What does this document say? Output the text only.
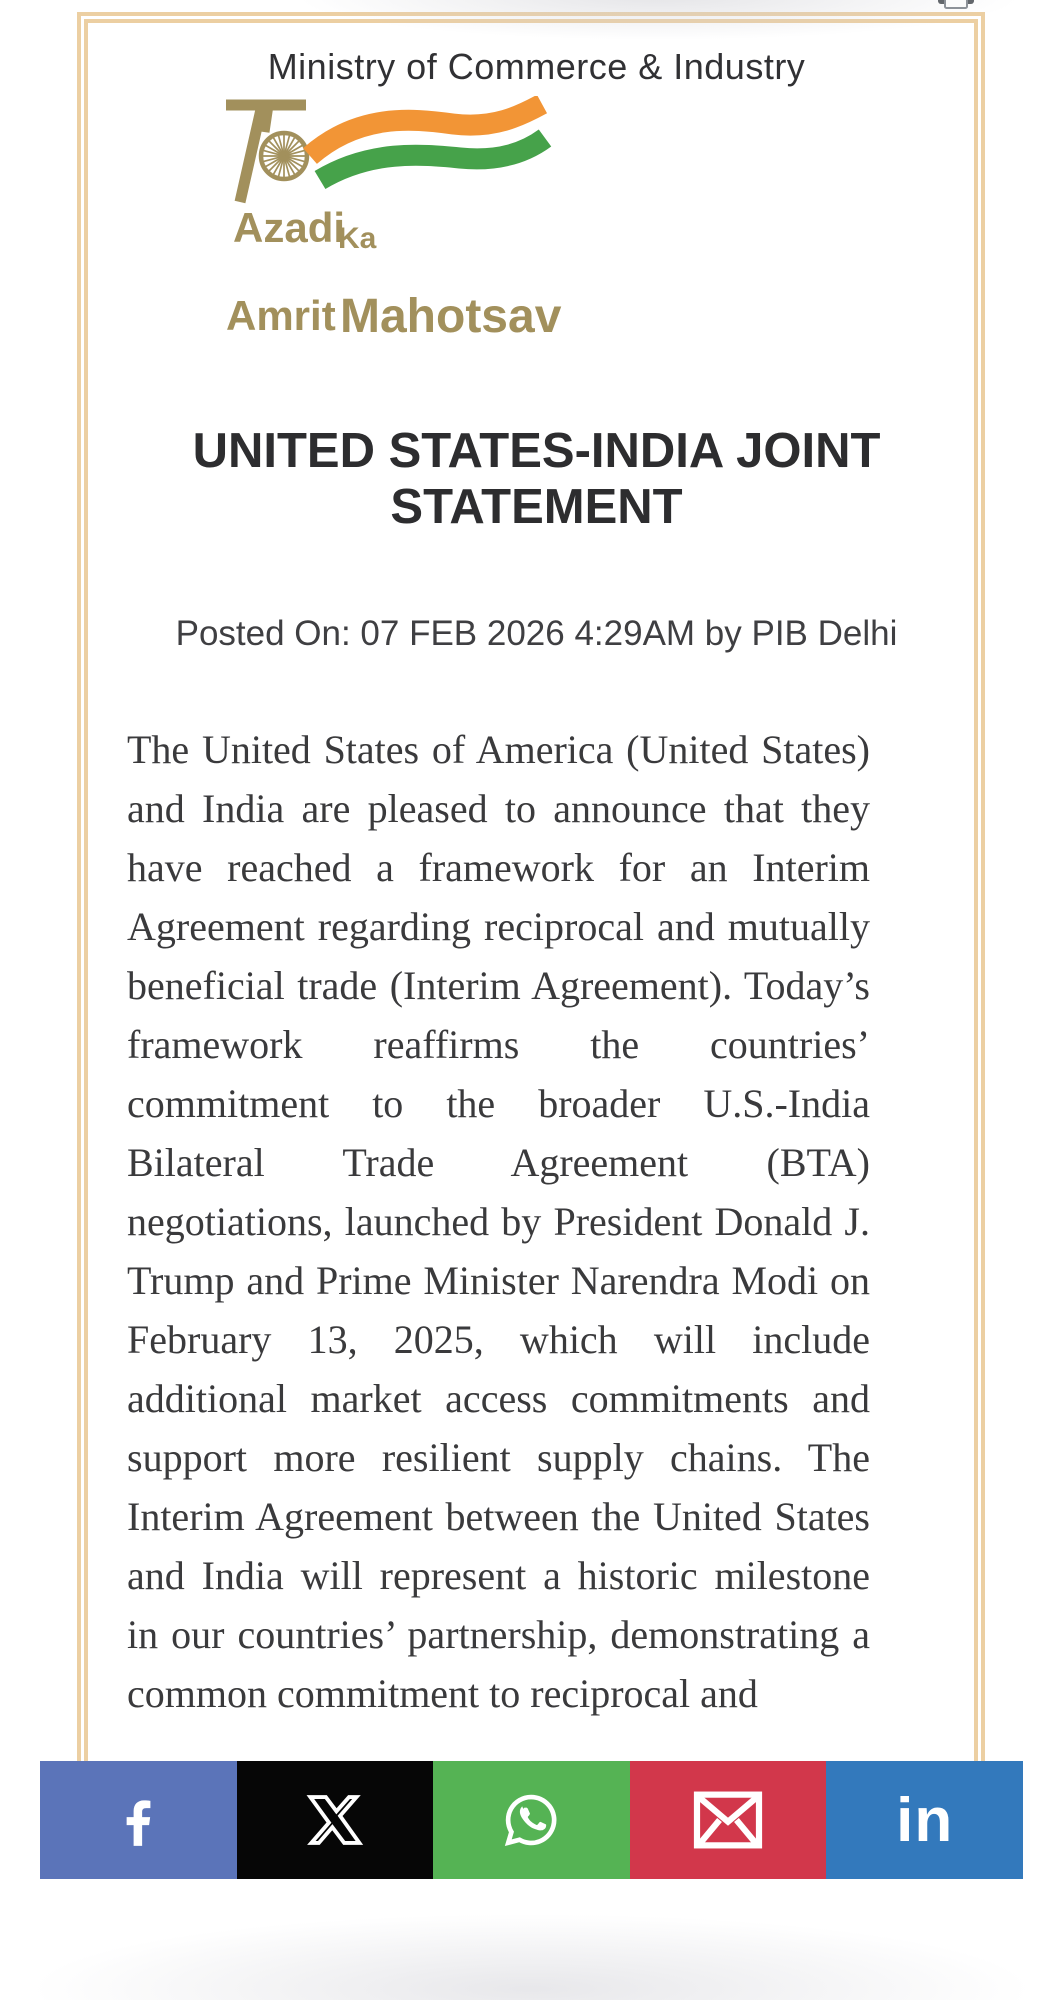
Ministry of Commerce & Industry
Azadi
Ka
Amrit Mahotsav
UNITED STATES-INDIA JOINT STATEMENT
Posted On: 07 FEB 2026 4:29AM by PIB Delhi

The United States of America (United States) and India are pleased to announce that they have reached a framework for an Interim Agreement regarding reciprocal and mutually beneficial trade (Interim Agreement). Today’s framework reaffirms the countries’ commitment to the broader U.S.-India Bilateral Trade Agreement (BTA) negotiations, launched by President Donald J. Trump and Prime Minister Narendra Modi on February 13, 2025, which will include additional market access commitments and support more resilient supply chains. The Interim Agreement between the United States and India will represent a historic milestone in our countries’ partnership, demonstrating a common commitment to reciprocal and

in
